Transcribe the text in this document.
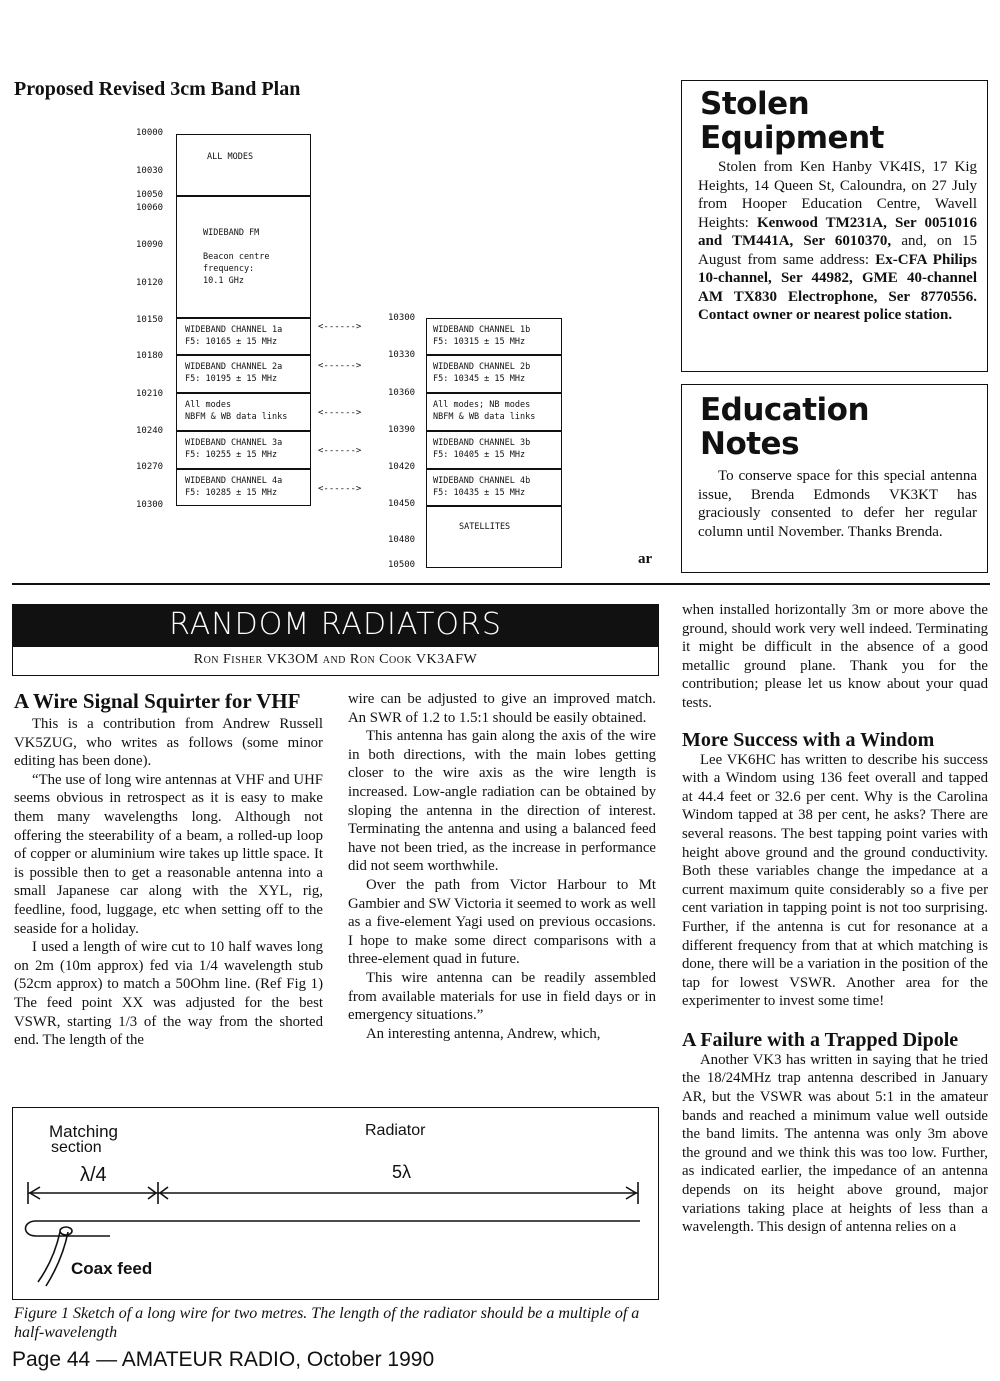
Proposed Revised 3cm Band Plan
10000
10030
10050
10060
10090
10120
10150
10180
10210
10240
10270
10300
10300
10330
10360
10390
10420
10450
10480
10500
ALL MODES
WIDEBAND FM

Beacon centre
frequency:
10.1 GHz
WIDEBAND CHANNEL 1a
F5: 10165 ± 15 MHz
WIDEBAND CHANNEL 2a
F5: 10195 ± 15 MHz
All modes
NBFM & WB data links
WIDEBAND CHANNEL 3a
F5: 10255 ± 15 MHz
WIDEBAND CHANNEL 4a
F5: 10285 ± 15 MHz
WIDEBAND CHANNEL 1b
F5: 10315 ± 15 MHz
WIDEBAND CHANNEL 2b
F5: 10345 ± 15 MHz
All modes; NB modes
NBFM & WB data links
WIDEBAND CHANNEL 3b
F5: 10405 ± 15 MHz
WIDEBAND CHANNEL 4b
F5: 10435 ± 15 MHz
SATELLITES
<------>
<------>
<------>
<------>
<------>
ar
Stolen
Equipment
Stolen from Ken Hanby VK4IS, 17 Kig Heights, 14 Queen St, Caloundra, on 27 July from Hooper Education Centre, Wavell Heights: Kenwood TM231A, Ser 0051016 and TM441A, Ser 6010370, and, on 15 August from same address: Ex-CFA Philips 10-channel, Ser 44982, GME 40-channel AM TX830 Electrophone, Ser 8770556. Contact owner or nearest police station.
Education
Notes
To conserve space for this special antenna issue, Brenda Edmonds VK3KT has graciously consented to defer her regular column until November. Thanks Brenda.
RANDOM RADIATORS
Ron Fisher VK3OM and Ron Cook VK3AFW
A Wire Signal Squirter for VHF

This is a contribution from Andrew Russell VK5ZUG, who writes as follows (some minor editing has been done).

“The use of long wire antennas at VHF and UHF seems obvious in retrospect as it is easy to make them many wavelengths long. Although not offering the steerability of a beam, a rolled-up loop of copper or aluminium wire takes up little space. It is possible then to get a reasonable antenna into a small Japanese car along with the XYL, rig, feedline, food, luggage, etc when setting off to the seaside for a holiday.

I used a length of wire cut to 10 half waves long on 2m (10m approx) fed via 1/4 wavelength stub (52cm approx) to match a 50Ohm line. (Ref Fig 1) The feed point XX was adjusted for the best VSWR, starting 1/3 of the way from the shorted end. The length of the

wire can be adjusted to give an improved match. An SWR of 1.2 to 1.5:1 should be easily obtained.

This antenna has gain along the axis of the wire in both directions, with the main lobes getting closer to the wire axis as the wire length is increased. Low-angle radiation can be obtained by sloping the antenna in the direction of interest. Terminating the antenna and using a balanced feed have not been tried, as the increase in performance did not seem worthwhile.

Over the path from Victor Harbour to Mt Gambier and SW Victoria it seemed to work as well as a five-element Yagi used on previous occasions. I hope to make some direct comparisons with a three-element quad in future.

This wire antenna can be readily assembled from available materials for use in field days or in emergency situations.”

An interesting antenna, Andrew, which,

when installed horizontally 3m or more above the ground, should work very well indeed. Terminating it might be difficult in the absence of a good metallic ground plane. Thank you for the contribution; please let us know about your quad tests.

More Success with a Windom

Lee VK6HC has written to describe his success with a Windom using 136 feet overall and tapped at 44.4 feet or 32.6 per cent. Why is the Carolina Windom tapped at 38 per cent, he asks? There are several reasons. The best tapping point varies with height above ground and the ground conductivity. Both these variables change the impedance at a current maximum quite considerably so a five per cent variation in tapping point is not too surprising. Further, if the antenna is cut for resonance at a different frequency from that at which matching is done, there will be a variation in the position of the tap for lowest VSWR. Another area for the experimenter to invest some time!

A Failure with a Trapped Dipole

Another VK3 has written in saying that he tried the 18/24MHz trap antenna described in January AR, but the VSWR was about 5:1 in the amateur bands and reached a minimum value well outside the band limits. The antenna was only 3m above the ground and we think this was too low. Further, as indicated earlier, the impedance of an antenna depends on its height above ground, major variations taking place at heights of less than a wavelength. This design of antenna relies on a

Matching
section
Radiator
λ/4	5λ
Coax feed
Figure 1 Sketch of a long wire for two metres. The length of the radiator should be a multiple of a half-wavelength
Page 44 — AMATEUR RADIO, October 1990
